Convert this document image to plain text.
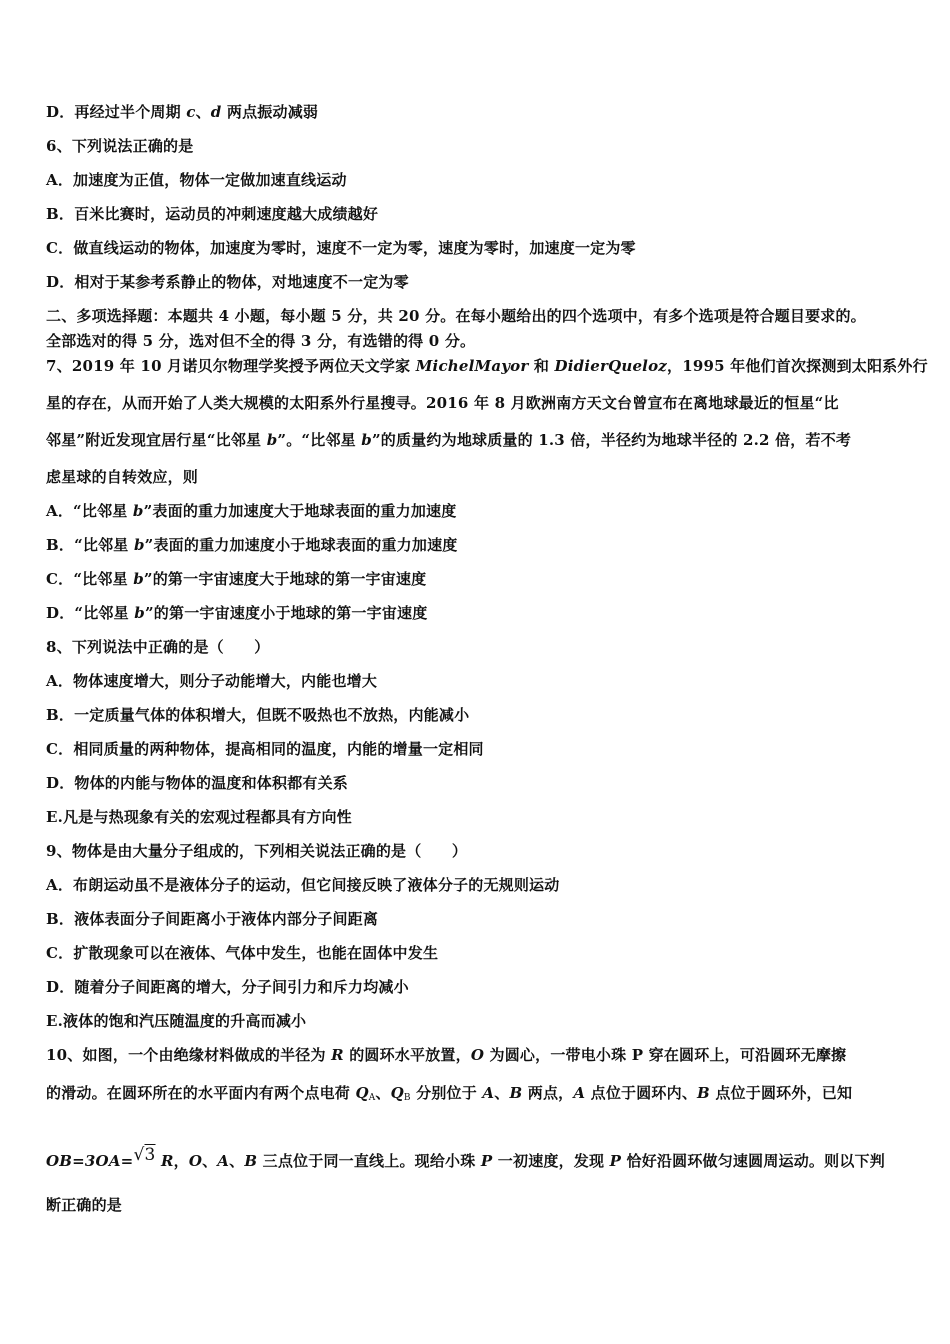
D．再经过半个周期 c、d 两点振动减弱
6、下列说法正确的是
A．加速度为正值，物体一定做加速直线运动
B．百米比赛时，运动员的冲刺速度越大成绩越好
C．做直线运动的物体，加速度为零时，速度不一定为零，速度为零时，加速度一定为零
D．相对于某参考系静止的物体，对地速度不一定为零
二、多项选择题：本题共 4 小题，每小题 5 分，共 20 分。在每小题给出的四个选项中，有多个选项是符合题目要求的。
全部选对的得 5 分，选对但不全的得 3 分，有选错的得 0 分。
7、2019 年 10 月诺贝尔物理学奖授予两位天文学家 MichelMayor 和 DidierQueloz，1995 年他们首次探测到太阳系外行
星的存在，从而开始了人类大规模的太阳系外行星搜寻。2016 年 8 月欧洲南方天文台曾宣布在离地球最近的恒星“比
邻星”附近发现宜居行星“比邻星 b”。“比邻星 b”的质量约为地球质量的 1.3 倍，半径约为地球半径的 2.2 倍，若不考
虑星球的自转效应，则
A．“比邻星 b”表面的重力加速度大于地球表面的重力加速度
B．“比邻星 b”表面的重力加速度小于地球表面的重力加速度
C．“比邻星 b”的第一宇宙速度大于地球的第一宇宙速度
D．“比邻星 b”的第一宇宙速度小于地球的第一宇宙速度
8、下列说法中正确的是（　　）
A．物体速度增大，则分子动能增大，内能也增大
B．一定质量气体的体积增大，但既不吸热也不放热，内能减小
C．相同质量的两种物体，提高相同的温度，内能的增量一定相同
D．物体的内能与物体的温度和体积都有关系
E.凡是与热现象有关的宏观过程都具有方向性
9、物体是由大量分子组成的，下列相关说法正确的是（　　）
A．布朗运动虽不是液体分子的运动，但它间接反映了液体分子的无规则运动
B．液体表面分子间距离小于液体内部分子间距离
C．扩散现象可以在液体、气体中发生，也能在固体中发生
D．随着分子间距离的增大，分子间引力和斥力均减小
E.液体的饱和汽压随温度的升高而减小
10、如图，一个由绝缘材料做成的半径为 R 的圆环水平放置，O 为圆心，一带电小珠 P 穿在圆环上，可沿圆环无摩擦
的滑动。在圆环所在的水平面内有两个点电荷 $Q_A$、$Q_B$ 分别位于 A、B 两点，A 点位于圆环内、B 点位于圆环外，已知
OB=3OA=√3 R，O、A、B 三点位于同一直线上。现给小珠 P 一初速度，发现 P 恰好沿圆环做匀速圆周运动。则以下判
断正确的是
